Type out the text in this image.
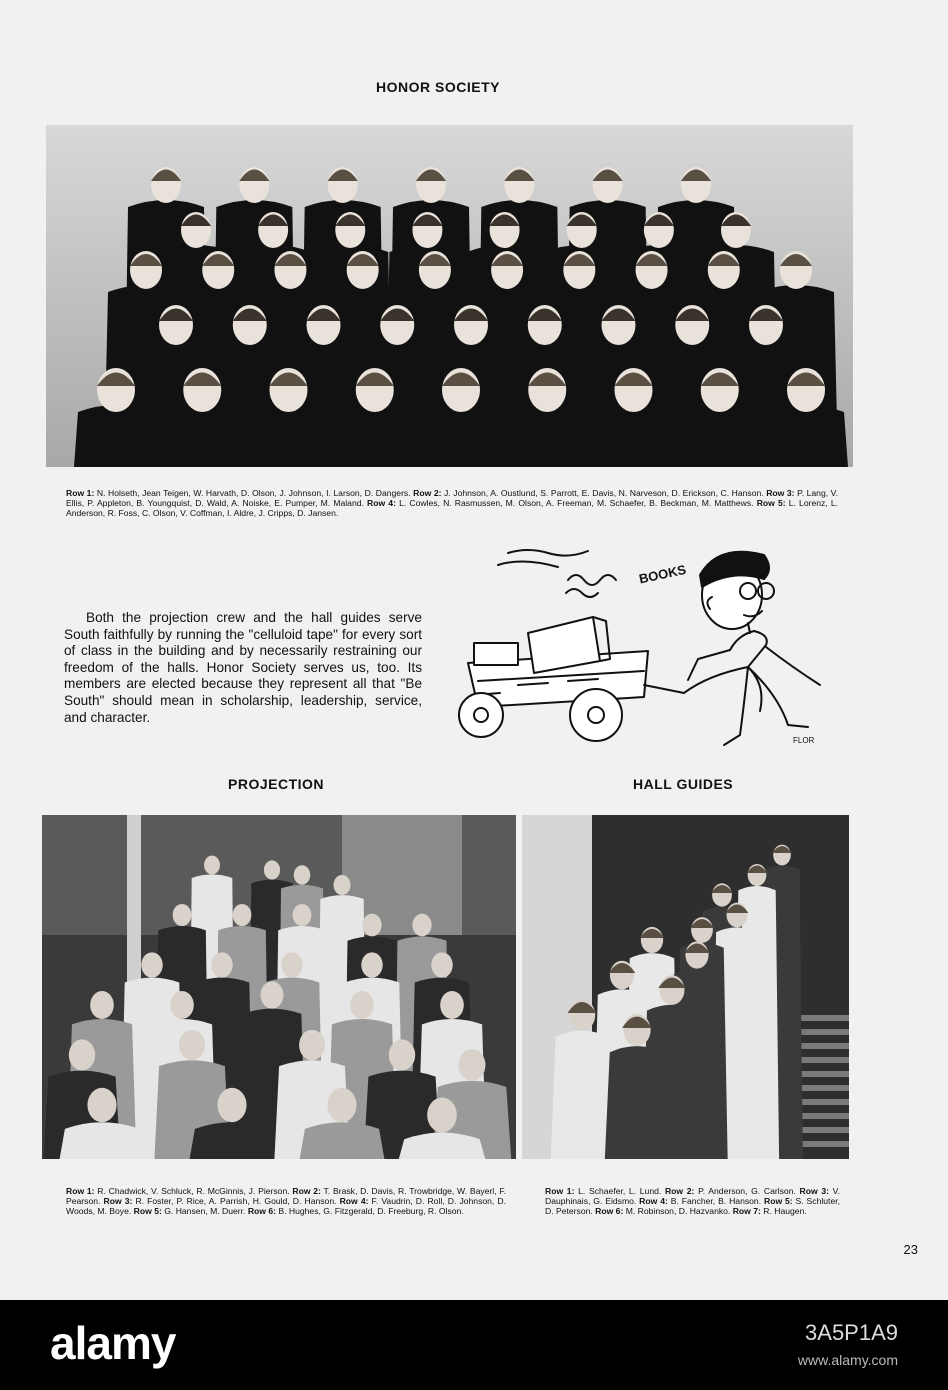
HONOR SOCIETY
Row 1: N. Holseth, Jean Teigen, W. Harvath, D. Olson, J. Johnson, I. Larson, D. Dangers. Row 2: J. Johnson, A. Oustlund, S. Parrott, E. Davis, N. Narveson, D. Erickson, C. Hanson. Row 3: P. Lang, V. Ellis, P. Appleton, B. Youngquist, D. Wald, A. Noiske, E. Pumper, M. Maland. Row 4: L. Cowles, N. Rasmussen, M. Olson, A. Freeman, M. Schaefer, B. Beckman, M. Matthews. Row 5: L. Lorenz, L. Anderson, R. Foss, C. Olson, V. Coffman, I. Aldre, J. Cripps, D. Jansen.

Both the projection crew and the hall guides serve South faithfully by running the "celluloid tape" for every sort of class in the building and by necessarily restraining our freedom of the halls. Honor Society serves us, too. Its members are elected because they represent all that "Be South" should mean in scholarship, leadership, service, and character.

BOOKS
FLOR
PROJECTION	HALL GUIDES
Row 1: R. Chadwick, V. Schluck, R. McGinnis, J. Pierson. Row 2: T. Brask, D. Davis, R. Trowbridge, W. Bayerl, F. Pearson. Row 3: R. Foster, P. Rice, A. Parrish, H. Gould, D. Hanson. Row 4: F. Vaudrin, D. Roll, D. Johnson, D. Woods, M. Boye. Row 5: G. Hansen, M. Duerr. Row 6: B. Hughes, G. Fitzgerald, D. Freeburg, R. Olson.
Row 1: L. Schaefer, L. Lund. Row 2: P. Anderson, G. Carlson. Row 3: V. Dauphinais, G. Eidsmo. Row 4: B. Fancher, B. Hanson. Row 5: S. Schluter, D. Peterson. Row 6: M. Robinson, D. Hazvanko. Row 7: R. Haugen.
23
alamy	3A5P1A9
www.alamy.com
